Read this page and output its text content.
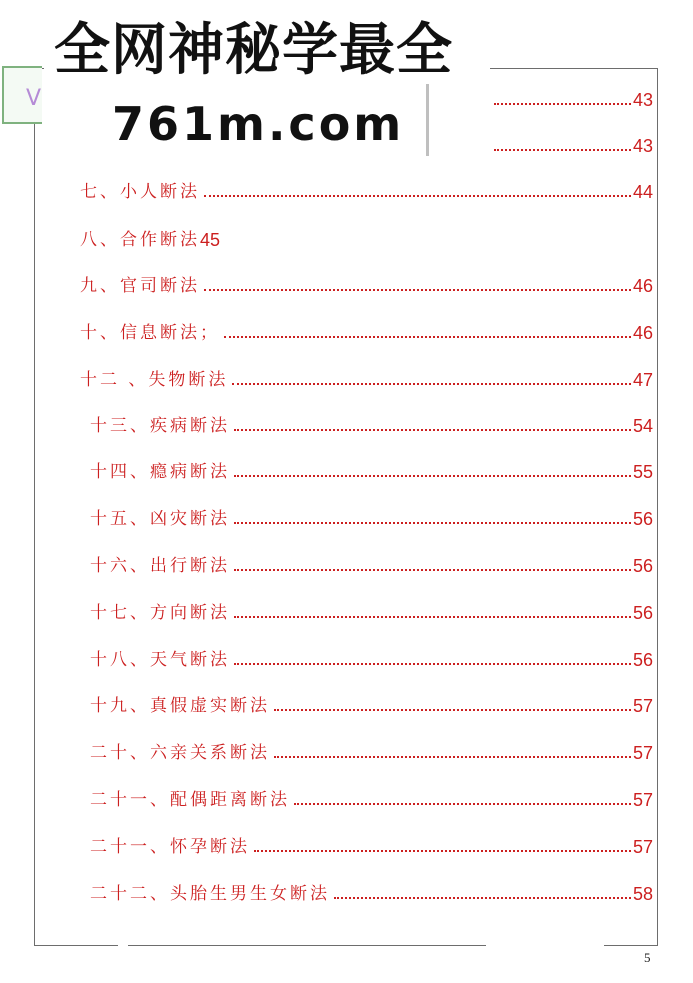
V
全网神秘学最全
761m.com	43
43
七、小人断法	44
八、合作断法 45
九、官司断法	46
十、信息断法；	46
十二 、失物断法	47
十三、疾病断法	54
十四、瘾病断法	55
十五、凶灾断法	56
十六、出行断法	56
十七、方向断法	56
十八、天气断法	56
十九、真假虚实断法	57
二十、六亲关系断法	57
二十一、配偶距离断法	57
二十一、怀孕断法	57
二十二、头胎生男生女断法	58
5
